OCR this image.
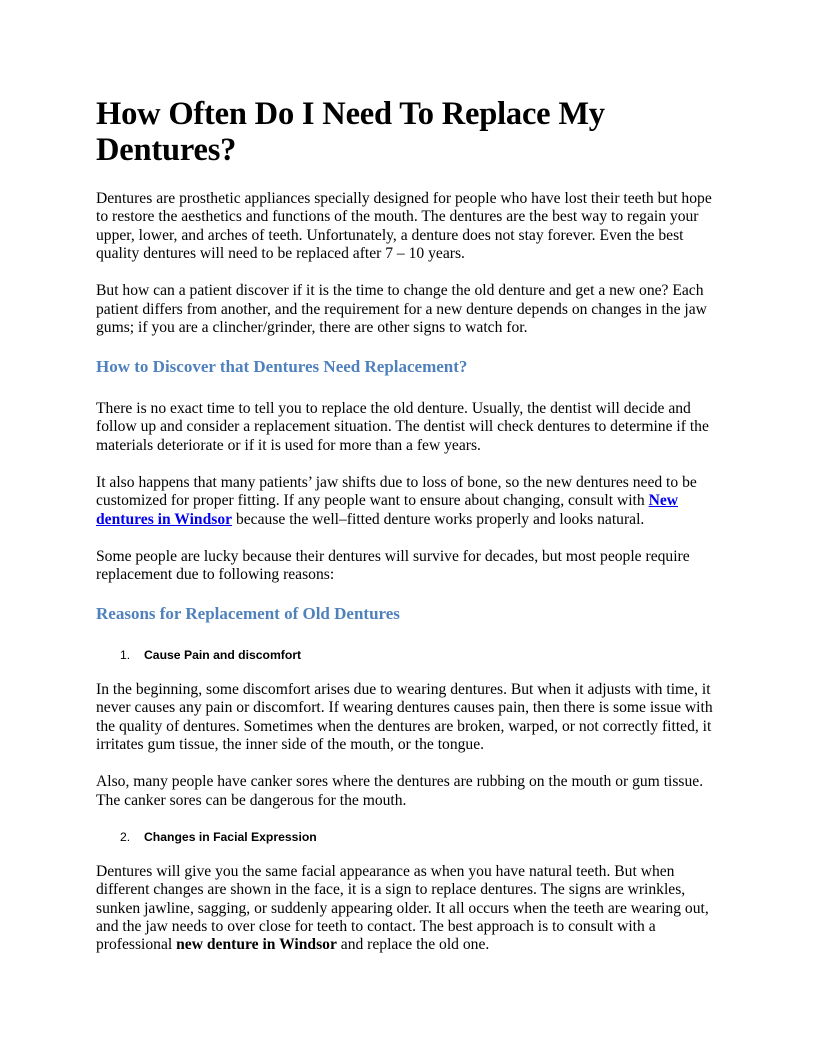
How Often Do I Need To Replace My Dentures?

Dentures are prosthetic appliances specially designed for people who have lost their teeth but hope to restore the aesthetics and functions of the mouth. The dentures are the best way to regain your upper, lower, and arches of teeth. Unfortunately, a denture does not stay forever. Even the best quality dentures will need to be replaced after 7 – 10 years.

But how can a patient discover if it is the time to change the old denture and get a new one? Each patient differs from another, and the requirement for a new denture depends on changes in the jaw gums; if you are a clincher/grinder, there are other signs to watch for.

How to Discover that Dentures Need Replacement?

There is no exact time to tell you to replace the old denture. Usually, the dentist will decide and follow up and consider a replacement situation. The dentist will check dentures to determine if the materials deteriorate or if it is used for more than a few years.

It also happens that many patients’ jaw shifts due to loss of bone, so the new dentures need to be customized for proper fitting. If any people want to ensure about changing, consult with New dentures in Windsor because the well–fitted denture works properly and looks natural.

Some people are lucky because their dentures will survive for decades, but most people require replacement due to following reasons:

Reasons for Replacement of Old Dentures
1.	Cause Pain and discomfort

In the beginning, some discomfort arises due to wearing dentures. But when it adjusts with time, it never causes any pain or discomfort. If wearing dentures causes pain, then there is some issue with the quality of dentures. Sometimes when the dentures are broken, warped, or not correctly fitted, it irritates gum tissue, the inner side of the mouth, or the tongue.

Also, many people have canker sores where the dentures are rubbing on the mouth or gum tissue. The canker sores can be dangerous for the mouth.

2.	Changes in Facial Expression

Dentures will give you the same facial appearance as when you have natural teeth. But when different changes are shown in the face, it is a sign to replace dentures. The signs are wrinkles, sunken jawline, sagging, or suddenly appearing older. It all occurs when the teeth are wearing out, and the jaw needs to over close for teeth to contact. The best approach is to consult with a professional new denture in Windsor and replace the old one.
